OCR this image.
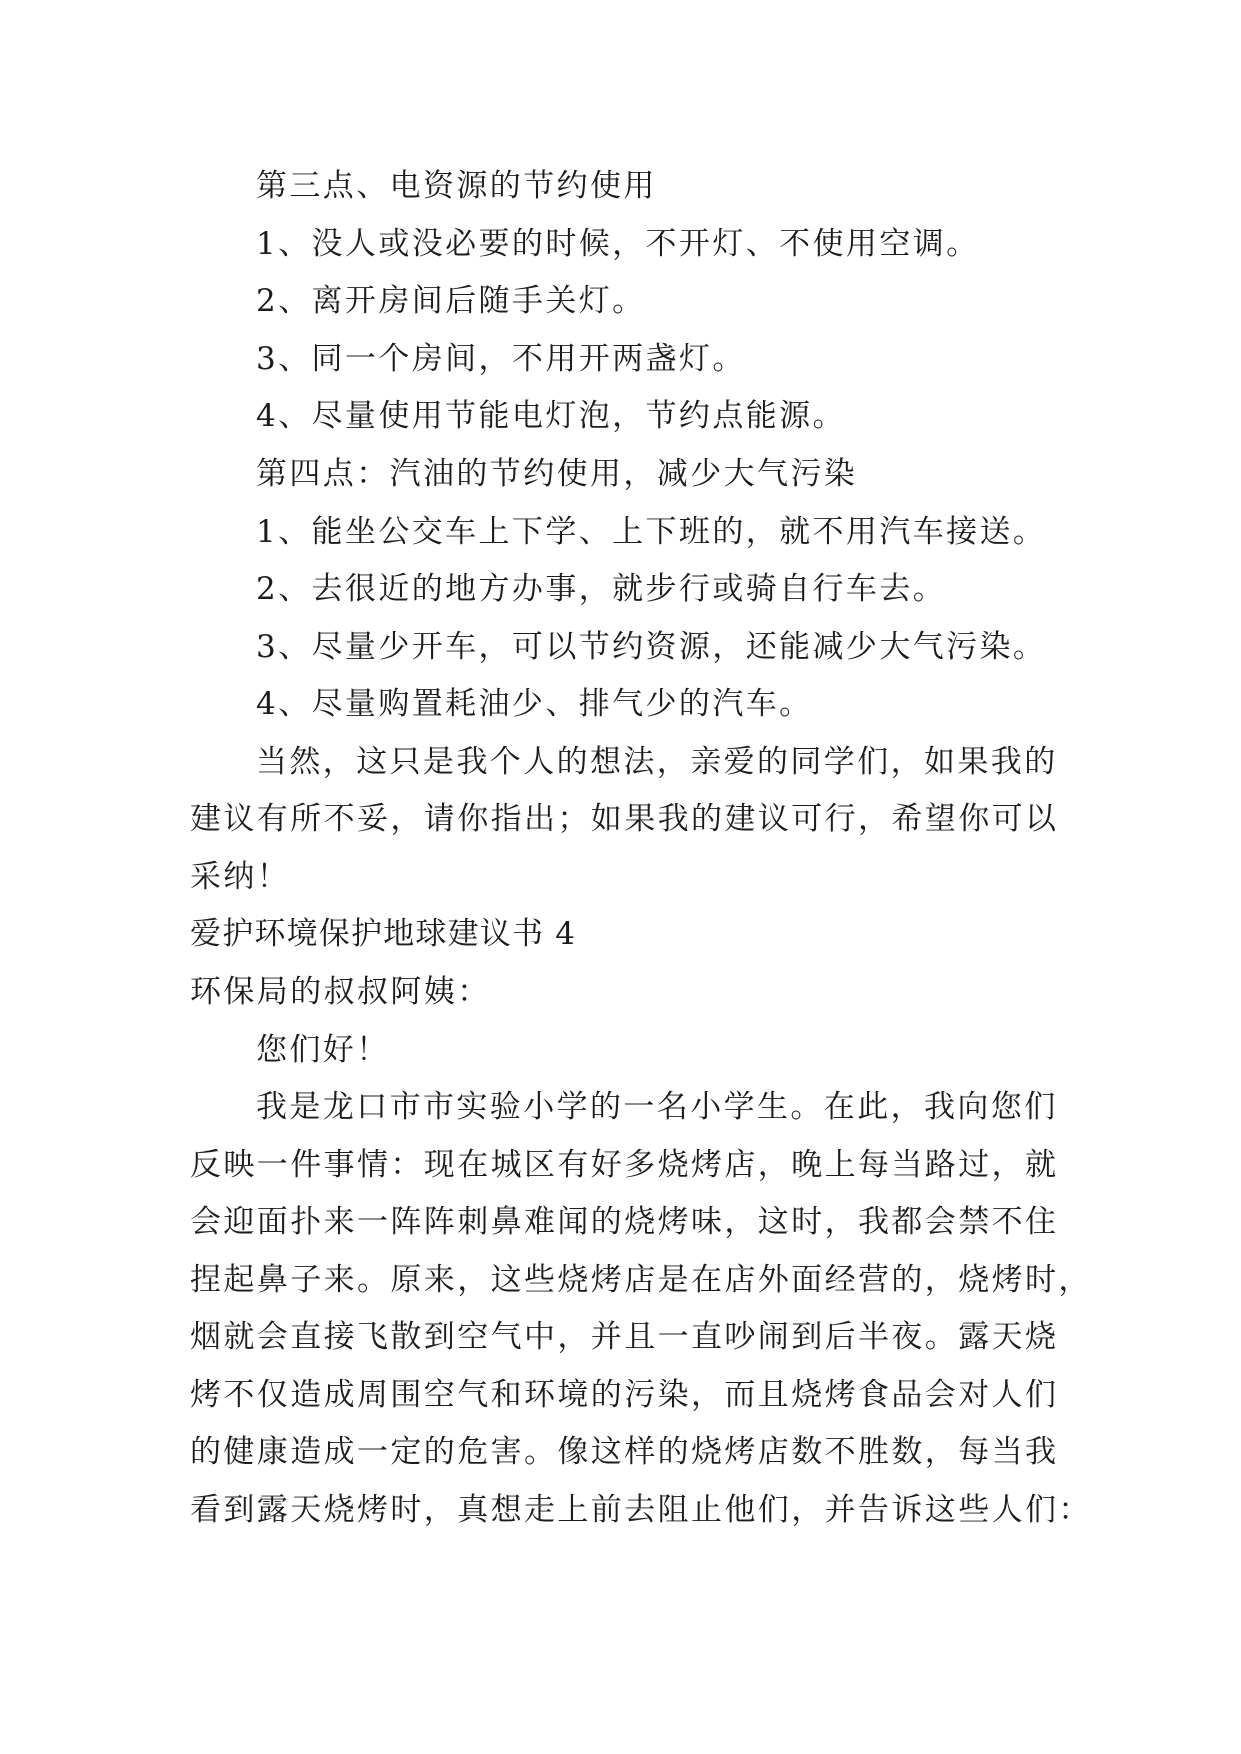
第三点、电资源的节约使用

1、没人或没必要的时候，不开灯、不使用空调。

2、离开房间后随手关灯。

3、同一个房间，不用开两盏灯。

4、尽量使用节能电灯泡，节约点能源。

第四点：汽油的节约使用，减少大气污染

1、能坐公交车上下学、上下班的，就不用汽车接送。

2、去很近的地方办事，就步行或骑自行车去。

3、尽量少开车，可以节约资源，还能减少大气污染。

4、尽量购置耗油少、排气少的汽车。

当然，这只是我个人的想法，亲爱的同学们，如果我的

建议有所不妥，请你指出；如果我的建议可行，希望你可以

采纳！

爱护环境保护地球建议书 4

环保局的叔叔阿姨：

您们好！

我是龙口市市实验小学的一名小学生。在此，我向您们

反映一件事情：现在城区有好多烧烤店，晚上每当路过，就

会迎面扑来一阵阵刺鼻难闻的烧烤味，这时，我都会禁不住

捏起鼻子来。原来，这些烧烤店是在店外面经营的，烧烤时，

烟就会直接飞散到空气中，并且一直吵闹到后半夜。露天烧

烤不仅造成周围空气和环境的污染，而且烧烤食品会对人们

的健康造成一定的危害。像这样的烧烤店数不胜数，每当我

看到露天烧烤时，真想走上前去阻止他们，并告诉这些人们：
